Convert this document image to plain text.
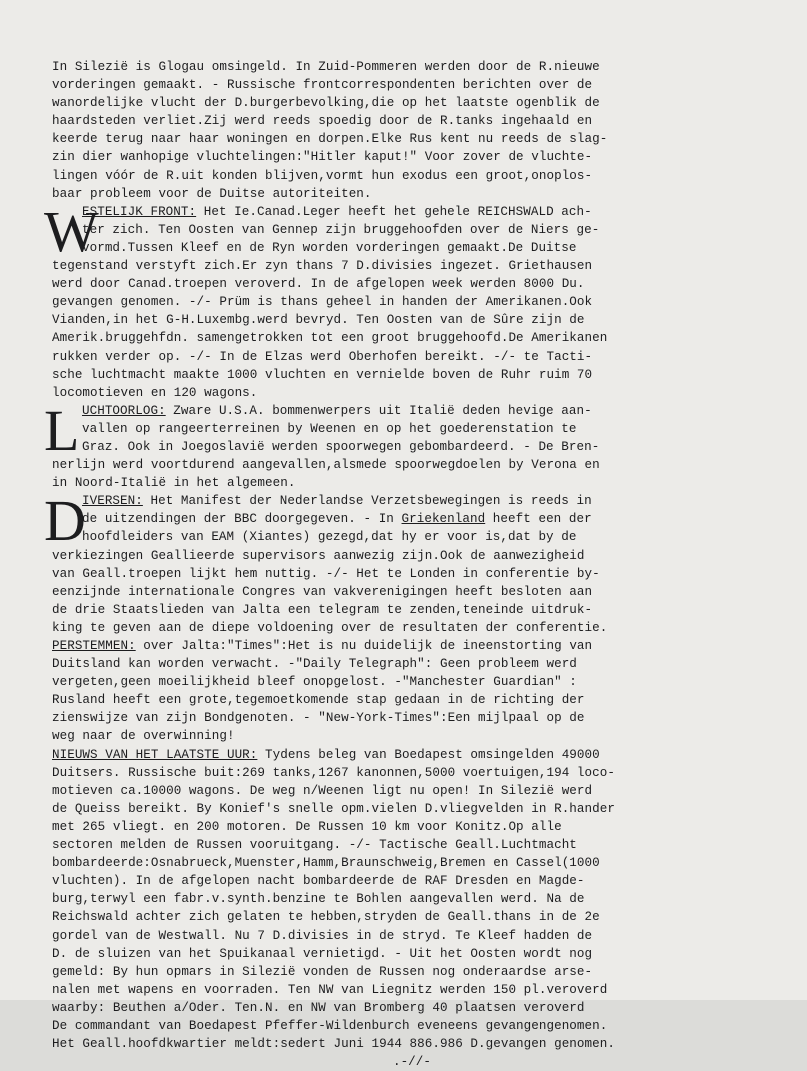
In Silezië is Glogau omsingeld. In Zuid-Pommeren werden door de R.nieuwe
vorderingen gemaakt. - Russische frontcorrespondenten berichten over de
wanordelijke vlucht der D.burgerbevolking,die op het laatste ogenblik de
haardsteden verliet.Zij werd reeds spoedig door de R.tanks ingehaald en
keerde terug naar haar woningen en dorpen.Elke Rus kent nu reeds de slag-
zin dier wanhopige vluchtelingen:"Hitler kaput!" Voor zover de vluchte-
lingen vóór de R.uit konden blijven,vormt hun exodus een groot,onoplos-
baar probleem voor de Duitse autoriteiten.
W
ESTELIJK FRONT: Het Ie.Canad.Leger heeft het gehele REICHSWALD ach-
ter zich. Ten Oosten van Gennep zijn bruggehoofden over de Niers ge-
vormd.Tussen Kleef en de Ryn worden vorderingen gemaakt.De Duitse
tegenstand verstyft zich.Er zyn thans 7 D.divisies ingezet. Griethausen
werd door Canad.troepen veroverd. In de afgelopen week werden 8000 Du.
gevangen genomen. -/- Prüm is thans geheel in handen der Amerikanen.Ook
Vianden,in het G-H.Luxembg.werd bevryd. Ten Oosten van de Sûre zijn de
Amerik.bruggehfdn. samengetrokken tot een groot bruggehoofd.De Amerikanen
rukken verder op. -/- In de Elzas werd Oberhofen bereikt. -/- te Tacti-
sche luchtmacht maakte 1000 vluchten en vernielde boven de Ruhr ruim 70
locomotieven en 120 wagons.
L UCHTOORLOG: Zware U.S.A. bommenwerpers uit Italië deden hevige aan-
vallen op rangeerterreinen by Weenen en op het goederenstation te
Graz. Ook in Joegoslavië werden spoorwegen gebombardeerd. - De Bren-
nerlijn werd voortdurend aangevallen,alsmede spoorwegdoelen by Verona en
in Noord-Italië in het algemeen.
D
IVERSEN: Het Manifest der Nederlandse Verzetsbewegingen is reeds in
de uitzendingen der BBC doorgegeven. - In Griekenland heeft een der
hoofdleiders van EAM (Xiantes) gezegd,dat hy er voor is,dat by de
verkiezingen Geallieerde supervisors aanwezig zijn.Ook de aanwezigheid
van Geall.troepen lijkt hem nuttig. -/- Het te Londen in conferentie by-
eenzijnde internationale Congres van vakverenigingen heeft besloten aan
de drie Staatslieden van Jalta een telegram te zenden,teneinde uitdruk-
king te geven aan de diepe voldoening over de resultaten der conferentie.
PERSTEMMEN: over Jalta:"Times":Het is nu duidelijk de ineenstorting van
Duitsland kan worden verwacht. -"Daily Telegraph": Geen probleem werd
vergeten,geen moeilijkheid bleef onopgelost. -"Manchester Guardian" :
Rusland heeft een grote,tegemoetkomende stap gedaan in de richting der
zienswijze van zijn Bondgenoten. - "New-York-Times":Een mijlpaal op de
weg naar de overwinning!
NIEUWS VAN HET LAATSTE UUR: Tydens beleg van Boedapest omsingelden 49000
Duitsers. Russische buit:269 tanks,1267 kanonnen,5000 voertuigen,194 loco-
motieven ca.10000 wagons. De weg n/Weenen ligt nu open! In Silezië werd
de Queiss bereikt. By Konief's snelle opm.vielen D.vliegvelden in R.hander
met 265 vliegt. en 200 motoren. De Russen 10 km voor Konitz.Op alle
sectoren melden de Russen vooruitgang. -/- Tactische Geall.Luchtmacht
bombardeerde:Osnabrueck,Muenster,Hamm,Braunschweig,Bremen en Cassel(1000
vluchten). In de afgelopen nacht bombardeerde de RAF Dresden en Magde-
burg,terwyl een fabr.v.synth.benzine te Bohlen aangevallen werd. Na de
Reichswald achter zich gelaten te hebben,stryden de Geall.thans in de 2e
gordel van de Westwall. Nu 7 D.divisies in de stryd. Te Kleef hadden de
D. de sluizen van het Spuikanaal vernietigd. - Uit het Oosten wordt nog
gemeld: By hun opmars in Silezië vonden de Russen nog onderaardse arse-
nalen met wapens en voorraden. Ten NW van Liegnitz werden 150 pl.veroverd
waarby: Beuthen a/Oder. Ten.N. en NW van Bromberg 40 plaatsen veroverd
De commandant van Boedapest Pfeffer-Wildenburch eveneens gevangengenomen.
Het Geall.hoofdkwartier meldt:sedert Juni 1944 886.986 D.gevangen genomen.
.-//-
